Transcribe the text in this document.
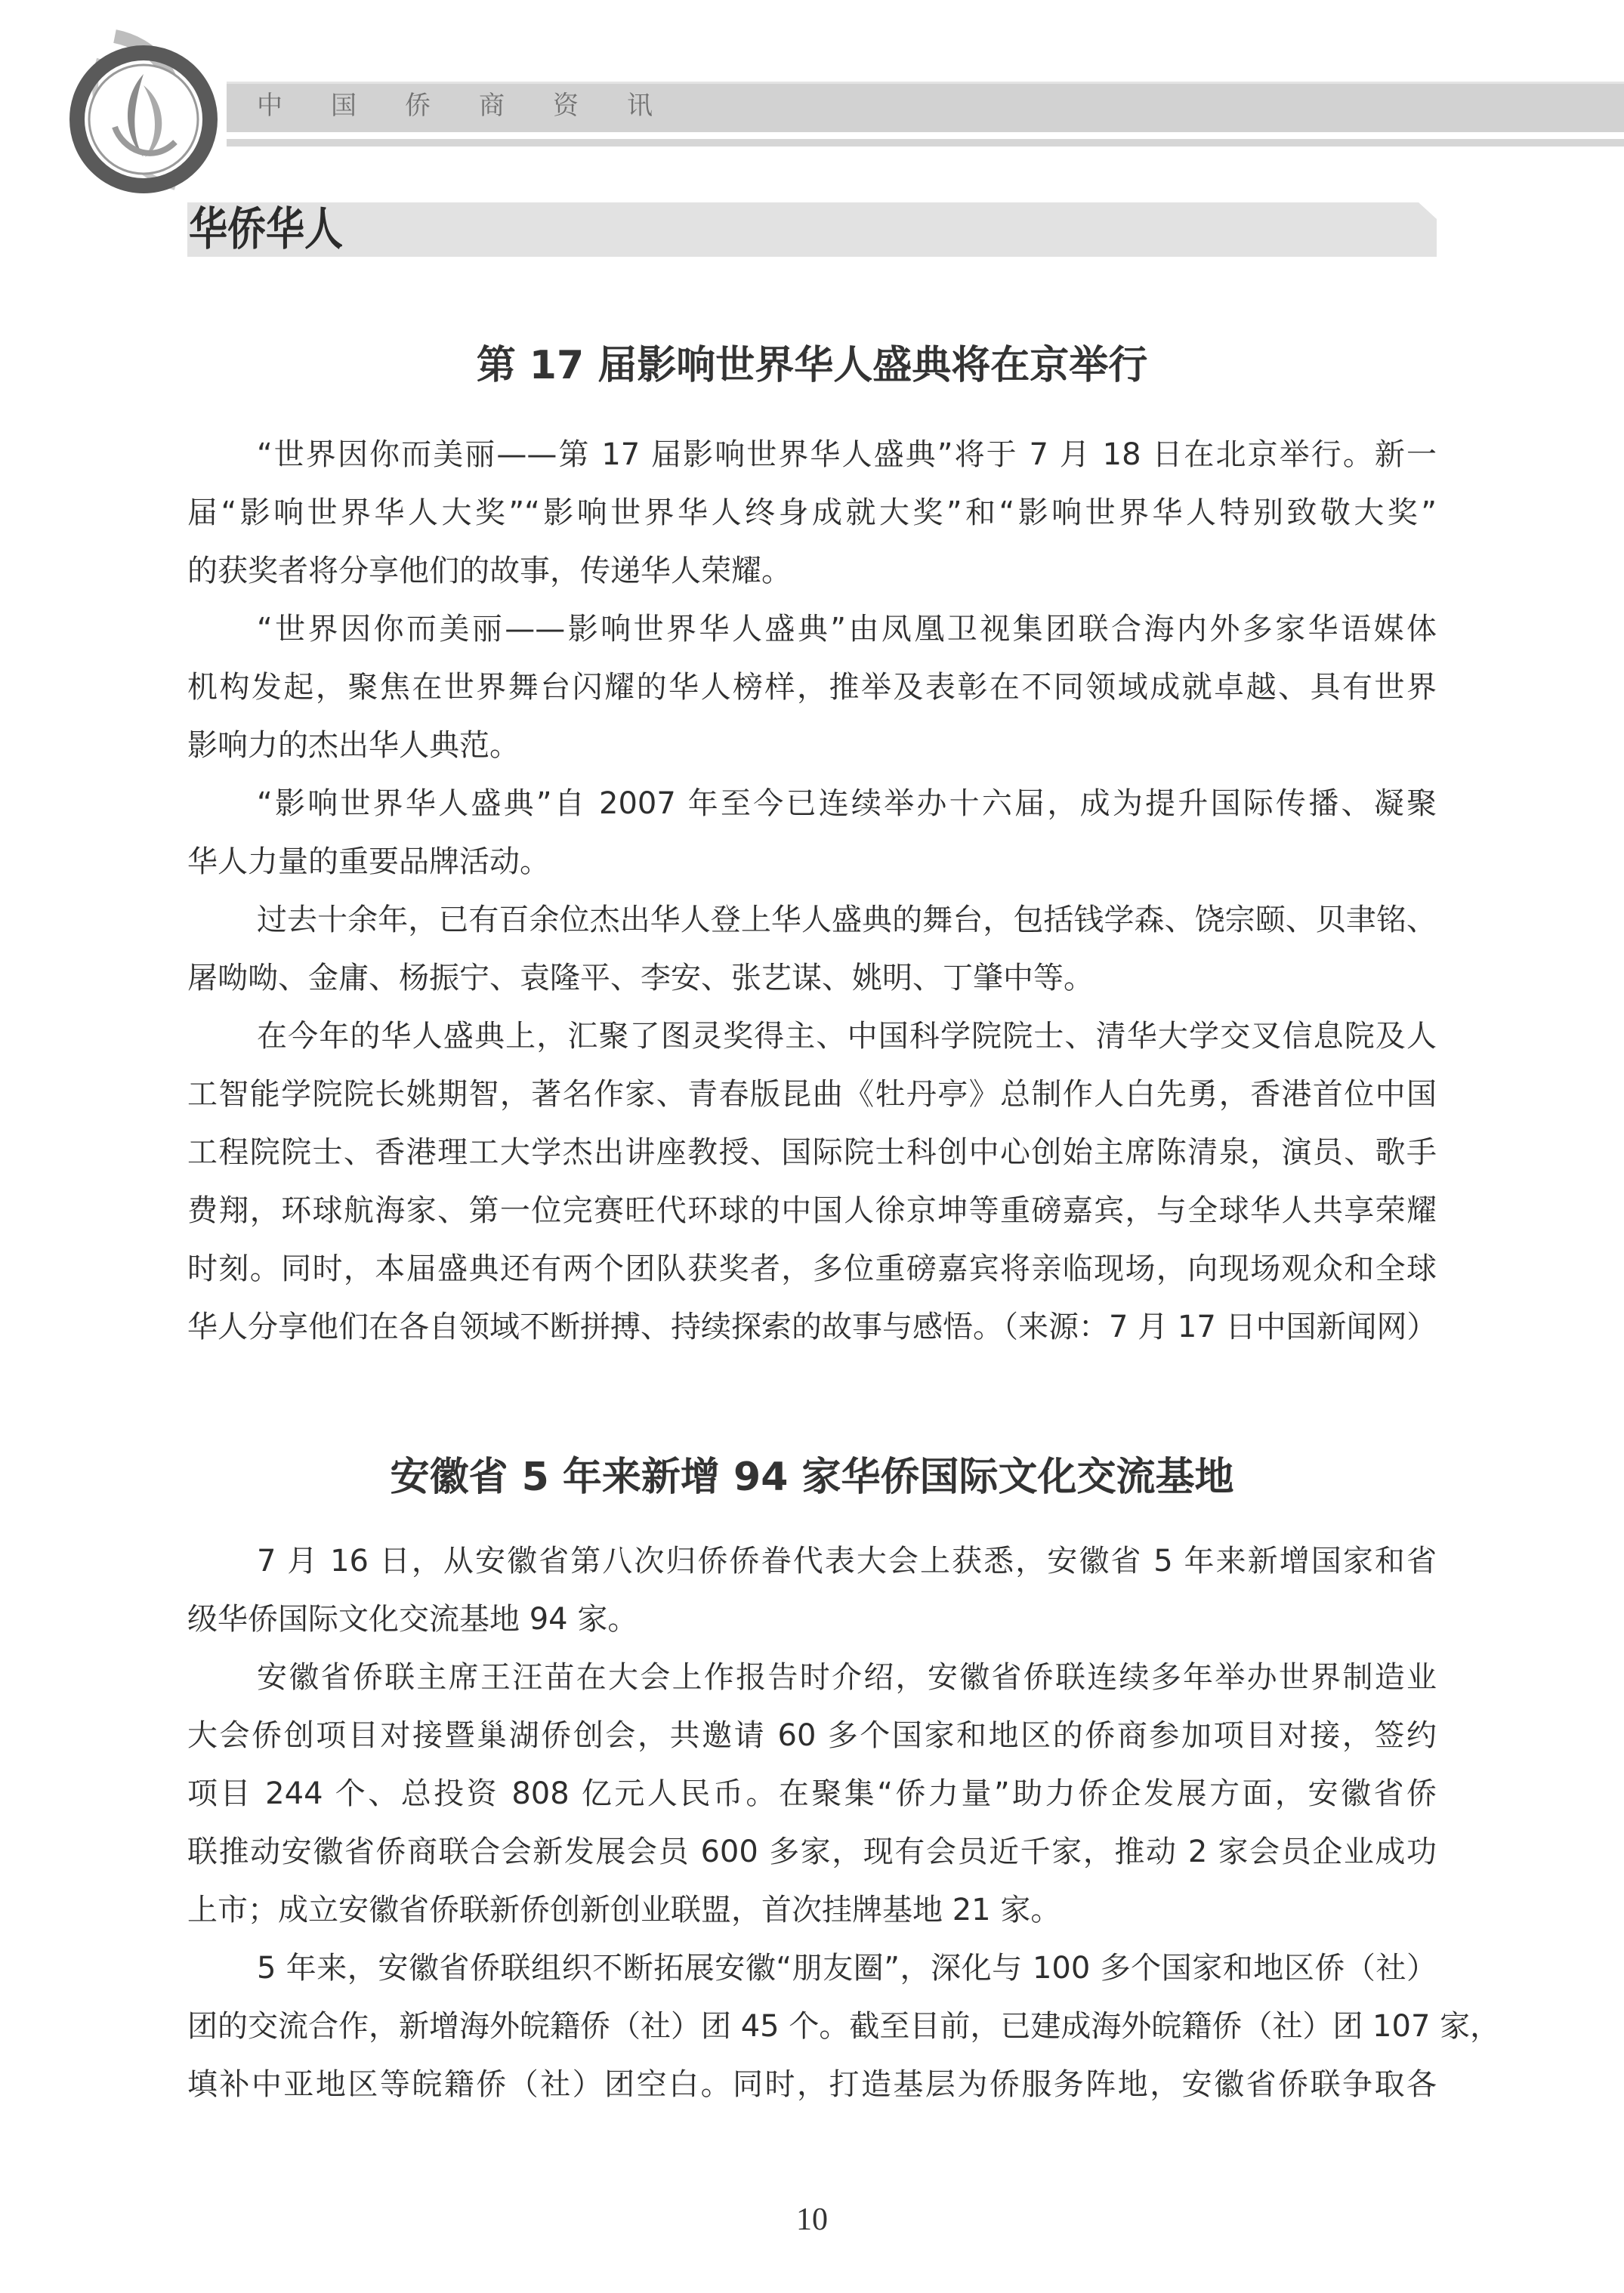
中国侨商资讯
华侨华人
第 17 届影响世界华人盛典将在京举行
“世界因你而美丽——第 17 届影响世界华人盛典”将于 7 月 18 日在北京举行。新一
届“影响世界华人大奖”“影响世界华人终身成就大奖”和“影响世界华人特别致敬大奖”
的获奖者将分享他们的故事，传递华人荣耀。
“世界因你而美丽——影响世界华人盛典”由凤凰卫视集团联合海内外多家华语媒体
机构发起，聚焦在世界舞台闪耀的华人榜样，推举及表彰在不同领域成就卓越、具有世界
影响力的杰出华人典范。
“影响世界华人盛典”自 2007 年至今已连续举办十六届，成为提升国际传播、凝聚
华人力量的重要品牌活动。
过去十余年，已有百余位杰出华人登上华人盛典的舞台，包括钱学森、饶宗颐、贝聿铭、
屠呦呦、金庸、杨振宁、袁隆平、李安、张艺谋、姚明、丁肇中等。
在今年的华人盛典上，汇聚了图灵奖得主、中国科学院院士、清华大学交叉信息院及人
工智能学院院长姚期智，著名作家、青春版昆曲《牡丹亭》总制作人白先勇，香港首位中国
工程院院士、香港理工大学杰出讲座教授、国际院士科创中心创始主席陈清泉，演员、歌手
费翔，环球航海家、第一位完赛旺代环球的中国人徐京坤等重磅嘉宾，与全球华人共享荣耀
时刻。同时，本届盛典还有两个团队获奖者，多位重磅嘉宾将亲临现场，向现场观众和全球
华人分享他们在各自领域不断拼搏、持续探索的故事与感悟。（来源：7 月 17 日中国新闻网）
安徽省 5 年来新增 94 家华侨国际文化交流基地
7 月 16 日，从安徽省第八次归侨侨眷代表大会上获悉，安徽省 5 年来新增国家和省
级华侨国际文化交流基地 94 家。
安徽省侨联主席王汪苗在大会上作报告时介绍，安徽省侨联连续多年举办世界制造业
大会侨创项目对接暨巢湖侨创会，共邀请 60 多个国家和地区的侨商参加项目对接，签约
项目 244 个、总投资 808 亿元人民币。在聚集“侨力量”助力侨企发展方面，安徽省侨
联推动安徽省侨商联合会新发展会员 600 多家，现有会员近千家，推动 2 家会员企业成功
上市；成立安徽省侨联新侨创新创业联盟，首次挂牌基地 21 家。
5 年来，安徽省侨联组织不断拓展安徽“朋友圈”，深化与 100 多个国家和地区侨（社）
团的交流合作，新增海外皖籍侨（社）团 45 个。截至目前，已建成海外皖籍侨（社）团 107 家，
填补中亚地区等皖籍侨（社）团空白。同时，打造基层为侨服务阵地，安徽省侨联争取各
10
